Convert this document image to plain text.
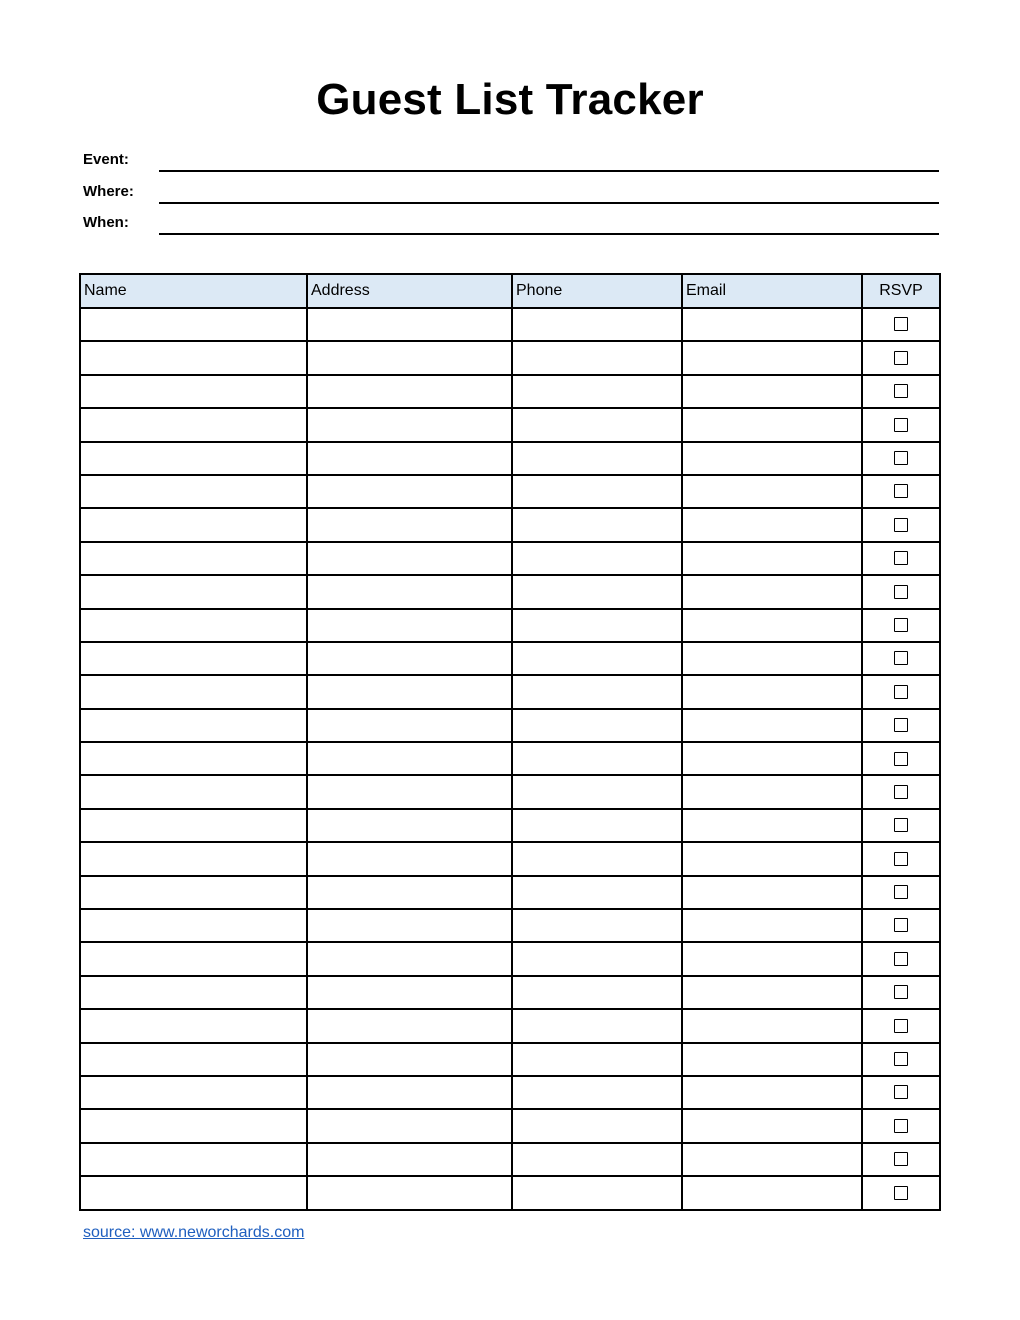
Guest List Tracker
Event:
Where:
When:
Name	Address	Phone	Email	RSVP

source: www.neworchards.com
